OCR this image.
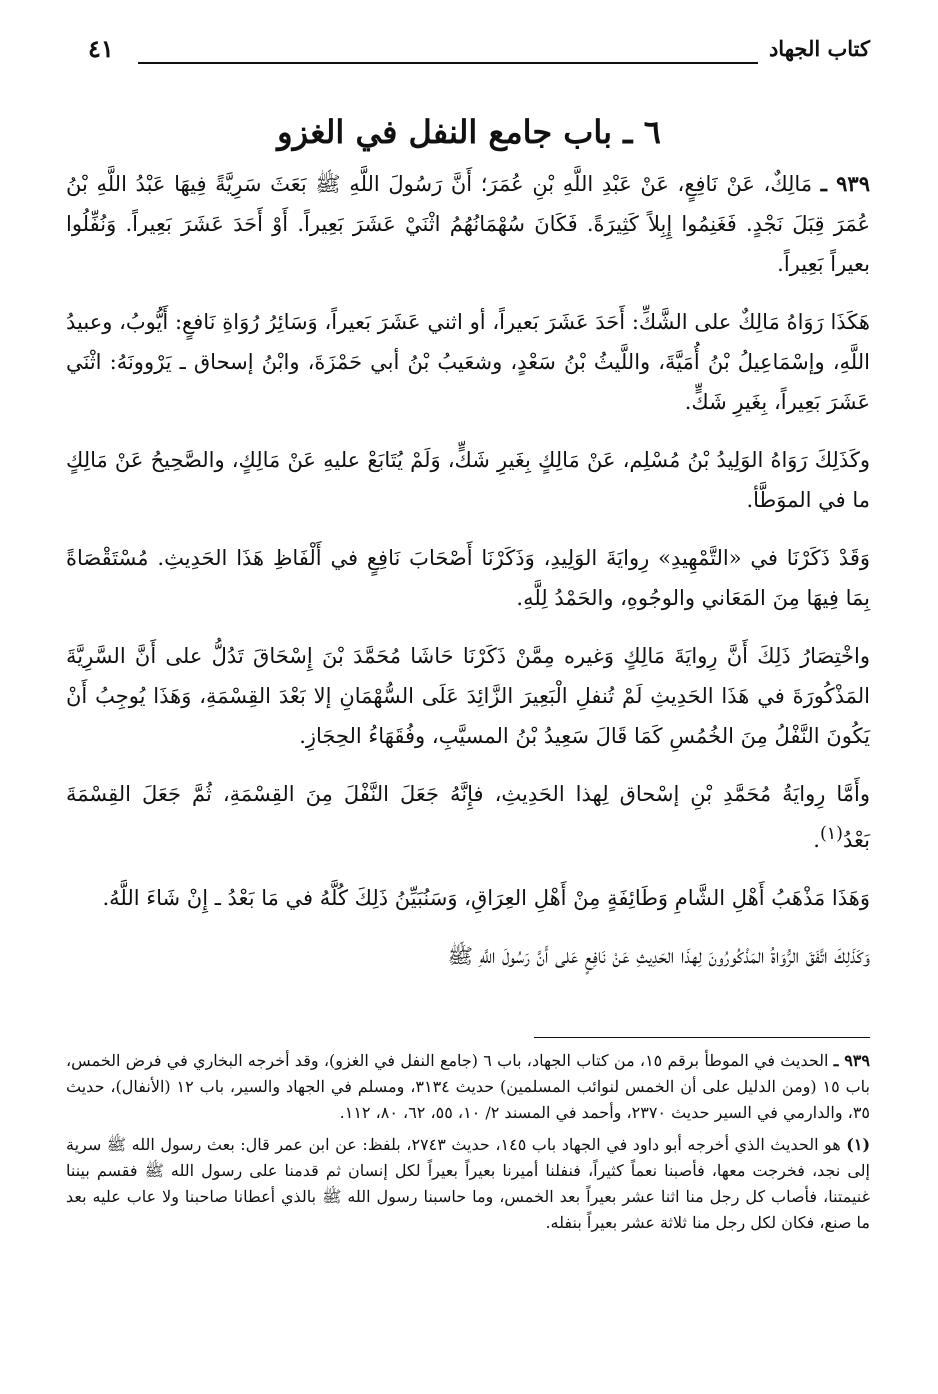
كتاب الجهاد
٤١
٦ ـ باب جامع النفل في الغزو

٩٣٩ ـ مَالِكٌ، عَنْ نَافِعٍ، عَنْ عَبْدِ اللَّهِ بْنِ عُمَرَ؛ أَنَّ رَسُولَ اللَّهِ ﷺ بَعَثَ سَرِيَّةً فِيهَا عَبْدُ اللَّهِ بْنُ عُمَرَ قِبَلَ نَجْدٍ. فَغَنِمُوا إِبِلاً كَثِيرَةً. فَكَانَ سُهْمَانُهُمُ اثْنَيْ عَشَرَ بَعِيراً. أَوْ أَحَدَ عَشَرَ بَعِيراً. وَنُفِّلُوا بعيراً بَعِيراً.

هَكَذَا رَوَاهُ مَالِكٌ على الشَّكِّ: أَحَدَ عَشَرَ بَعيراً، أو اثني عَشَرَ بَعيراً، وَسَائِرُ رُوَاةِ نَافعٍ: أَيُّوبُ، وعبيدُ اللَّهِ، وإسْمَاعِيلُ بْنُ أُمَيَّةَ، واللَّيثُ بْنُ سَعْدٍ، وشعَيبُ بْنُ أبي حَمْزَةَ، وابْنُ إسحاق ـ يَرْوونَهُ: اثْنَي عَشَرَ بَعِيراً، بِغَيرِ شَكٍّ.

وكَذَلِكَ رَوَاهُ الوَلِيدُ بْنُ مُسْلِم، عَنْ مَالِكٍ بِغَيرِ شَكٍّ، وَلَمْ يُتَابَعْ عليهِ عَنْ مَالِكٍ، والصَّحِيحُ عَنْ مَالِكٍ ما في الموَطَّأ.

وَقَدْ ذَكَرْنَا في «التَّمْهِيدِ» رِوايَةَ الوَلِيدِ، وَذَكَرْنَا أَصْحَابَ نَافِعٍ في أَلْفَاظِ هَذَا الحَدِيثِ. مُسْتَقْصَاةً بِمَا فِيهَا مِنَ المَعَاني والوجُوهِ، والحَمْدُ لِلَّهِ.

واخْتِصَارُ ذَلِكَ أَنَّ رِوايَةَ مَالِكٍ وَغيره مِمَّنْ ذَكَرْنَا حَاشَا مُحَمَّدَ بْنَ إِسْحَاقَ تَدُلُّ على أَنَّ السَّرِيَّةَ المَذْكُورَةَ في هَذَا الحَدِيثِ لَمْ تُنفلِ الْبَعِيرَ الزَّائِدَ عَلَى السُّهْمَانِ إلا بَعْدَ القِسْمَةِ، وَهَذَا يُوجِبُ أَنْ يَكُونَ النَّفْلُ مِنَ الخُمُسِ كَمَا قَالَ سَعِيدُ بْنُ المسيَّبِ، وفُقَهَاءُ الحِجَازِ.

وأَمَّا رِوايَةُ مُحَمَّدِ بْنِ إسْحاق لِهذا الحَدِيثِ، فإِنَّهُ جَعَلَ النَّفْلَ مِنَ القِسْمَةِ، ثُمَّ جَعَلَ القِسْمَةَ بَعْدُ$^{(١)}$.

وَهَذَا مَذْهَبُ أَهْلِ الشَّامِ وَطَائِفَةٍ مِنْ أَهْلِ العِرَاقِ، وَسَنُبَيِّنُ ذَلِكَ كُلَّهُ في مَا بَعْدُ ـ إِنْ شَاءَ اللَّهُ.

وَكَذَلِكَ اتَّفَقَ الرُّوَاةُ المَذْكُورُونَ لِهذَا الحَدِيثِ عَنْ نَافِعٍ عَلى أَنَّ رَسُولَ اللَّهِ ﷺ

٩٣٩ ـ الحديث في الموطأ برقم ١٥، من كتاب الجهاد، باب ٦ (جامع النفل في الغزو)، وقد أخرجه البخاري في فرض الخمس، باب ١٥ (ومن الدليل على أن الخمس لنوائب المسلمين) حديث ٣١٣٤، ومسلم في الجهاد والسير، باب ١٢ (الأنفال)، حديث ٣٥، والدارمي في السير حديث ٢٣٧٠، وأحمد في المسند ٢/ ١٠، ٥٥، ٦٢، ٨٠، ١١٢.

(١) هو الحديث الذي أخرجه أبو داود في الجهاد باب ١٤٥، حديث ٢٧٤٣، بلفظ: عن ابن عمر قال: بعث رسول الله ﷺ سرية إلى نجد، فخرجت معها، فأصبنا نعماً كثيراً، فنفلنا أميرنا بعيراً بعيراً لكل إنسان ثم قدمنا على رسول الله ﷺ فقسم بيننا غنيمتنا، فأصاب كل رجل منا اثنا عشر بعيراً بعد الخمس، وما حاسبنا رسول الله ﷺ بالذي أعطانا صاحبنا ولا عاب عليه بعد ما صنع، فكان لكل رجل منا ثلاثة عشر بعيراً بنفله.
